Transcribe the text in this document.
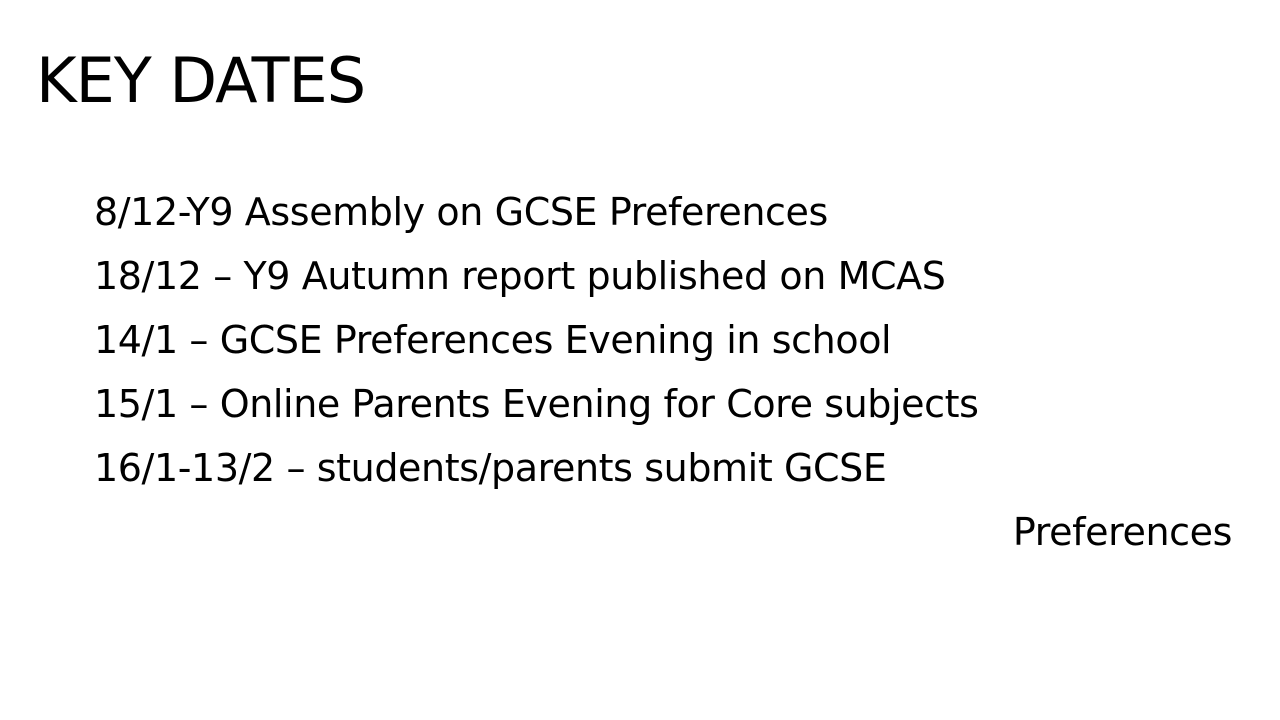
KEY DATES
8/12-Y9 Assembly on GCSE Preferences
18/12 – Y9 Autumn report published on MCAS
14/1 – GCSE Preferences Evening in school
15/1 – Online Parents Evening for Core subjects
16/1-13/2 – students/parents submit GCSE
Preferences
